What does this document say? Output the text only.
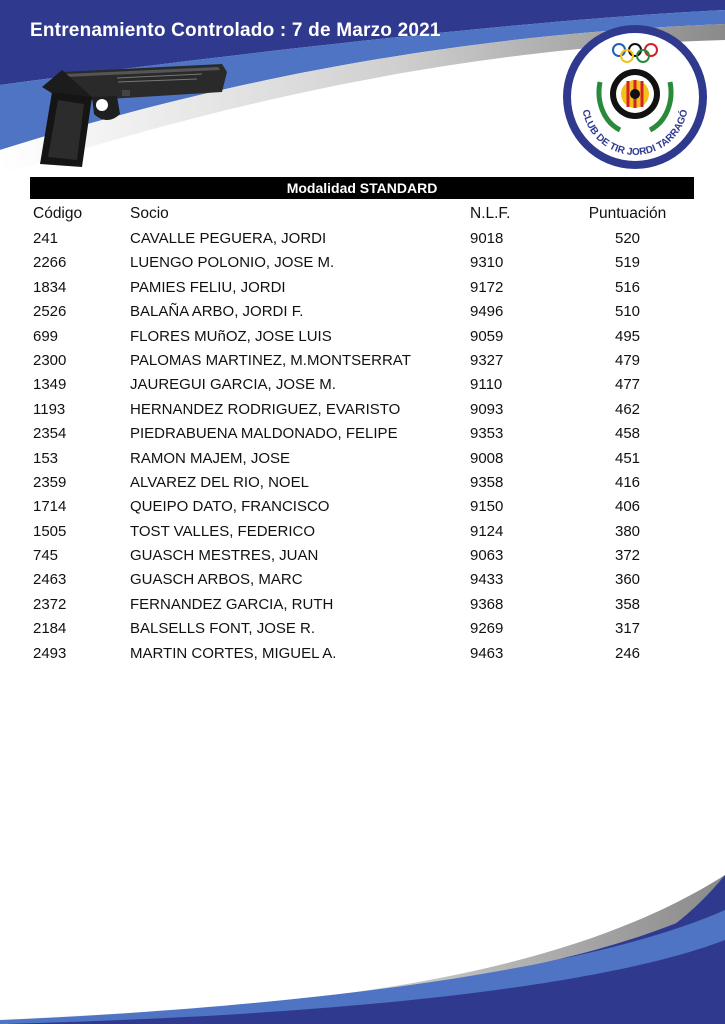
Entrenamiento Controlado : 7 de Marzo 2021
CLUB DE TIR JORDI TARRAGÓ
Modalidad STANDARD
Código	Socio	N.L.F.	Puntuación
241	CAVALLE PEGUERA, JORDI	9018	520
2266	LUENGO POLONIO, JOSE M.	9310	519
1834	PAMIES FELIU, JORDI	9172	516
2526	BALAÑA ARBO, JORDI F.	9496	510
699	FLORES MUñOZ, JOSE LUIS	9059	495
2300	PALOMAS MARTINEZ, M.MONTSERRAT	9327	479
1349	JAUREGUI GARCIA, JOSE M.	9110	477
1193	HERNANDEZ RODRIGUEZ, EVARISTO	9093	462
2354	PIEDRABUENA MALDONADO, FELIPE	9353	458
153	RAMON MAJEM, JOSE	9008	451
2359	ALVAREZ DEL RIO, NOEL	9358	416
1714	QUEIPO DATO, FRANCISCO	9150	406
1505	TOST VALLES, FEDERICO	9124	380
745	GUASCH MESTRES, JUAN	9063	372
2463	GUASCH ARBOS, MARC	9433	360
2372	FERNANDEZ GARCIA, RUTH	9368	358
2184	BALSELLS FONT, JOSE R.	9269	317
2493	MARTIN CORTES, MIGUEL A.	9463	246
